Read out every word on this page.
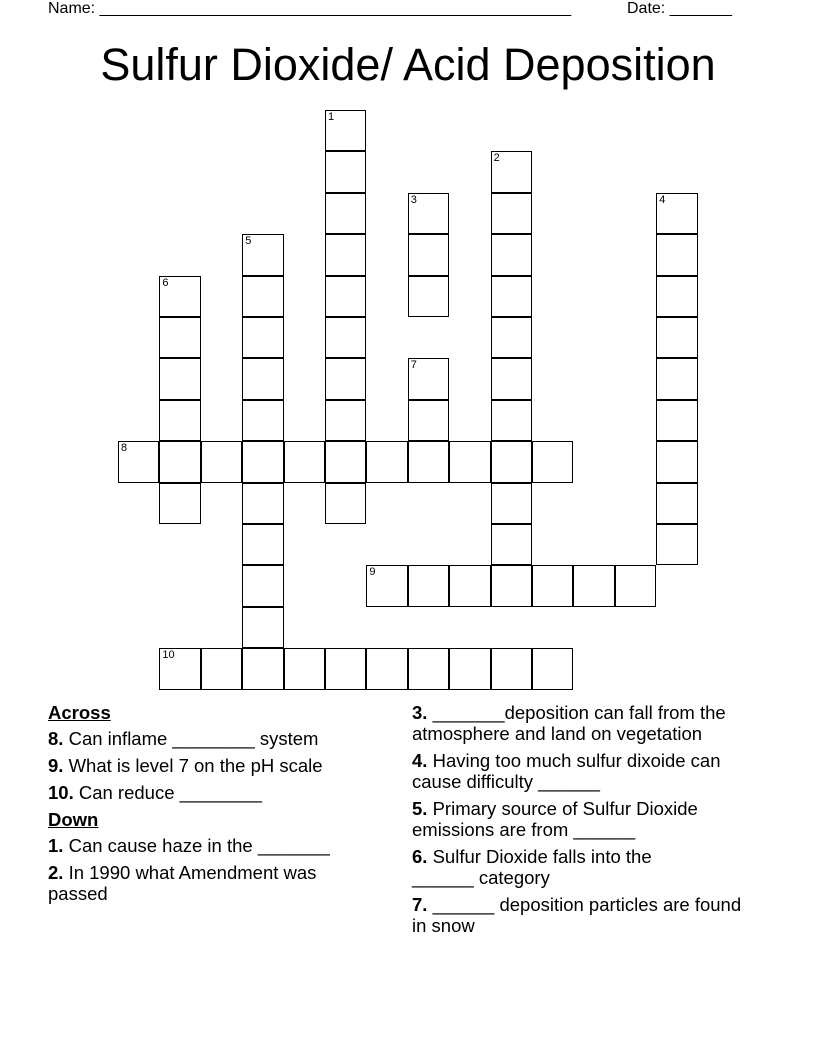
Name: _____________________________________________________	Date: _______
Sulfur Dioxide/ Acid Deposition
1
2
3	4
5
6
7
8
9
10
Across
8. Can inflame ________ system
9. What is level 7 on the pH scale
10. Can reduce ________
Down
1. Can cause haze in the _______
2. In 1990 what Amendment was passed
3. _______deposition can fall from the atmosphere and land on vegetation
4. Having too much sulfur dixoide can cause difficulty ______
5. Primary source of Sulfur Dioxide emissions are from ______
6. Sulfur Dioxide falls into the ______ category
7. ______ deposition particles are found in snow
